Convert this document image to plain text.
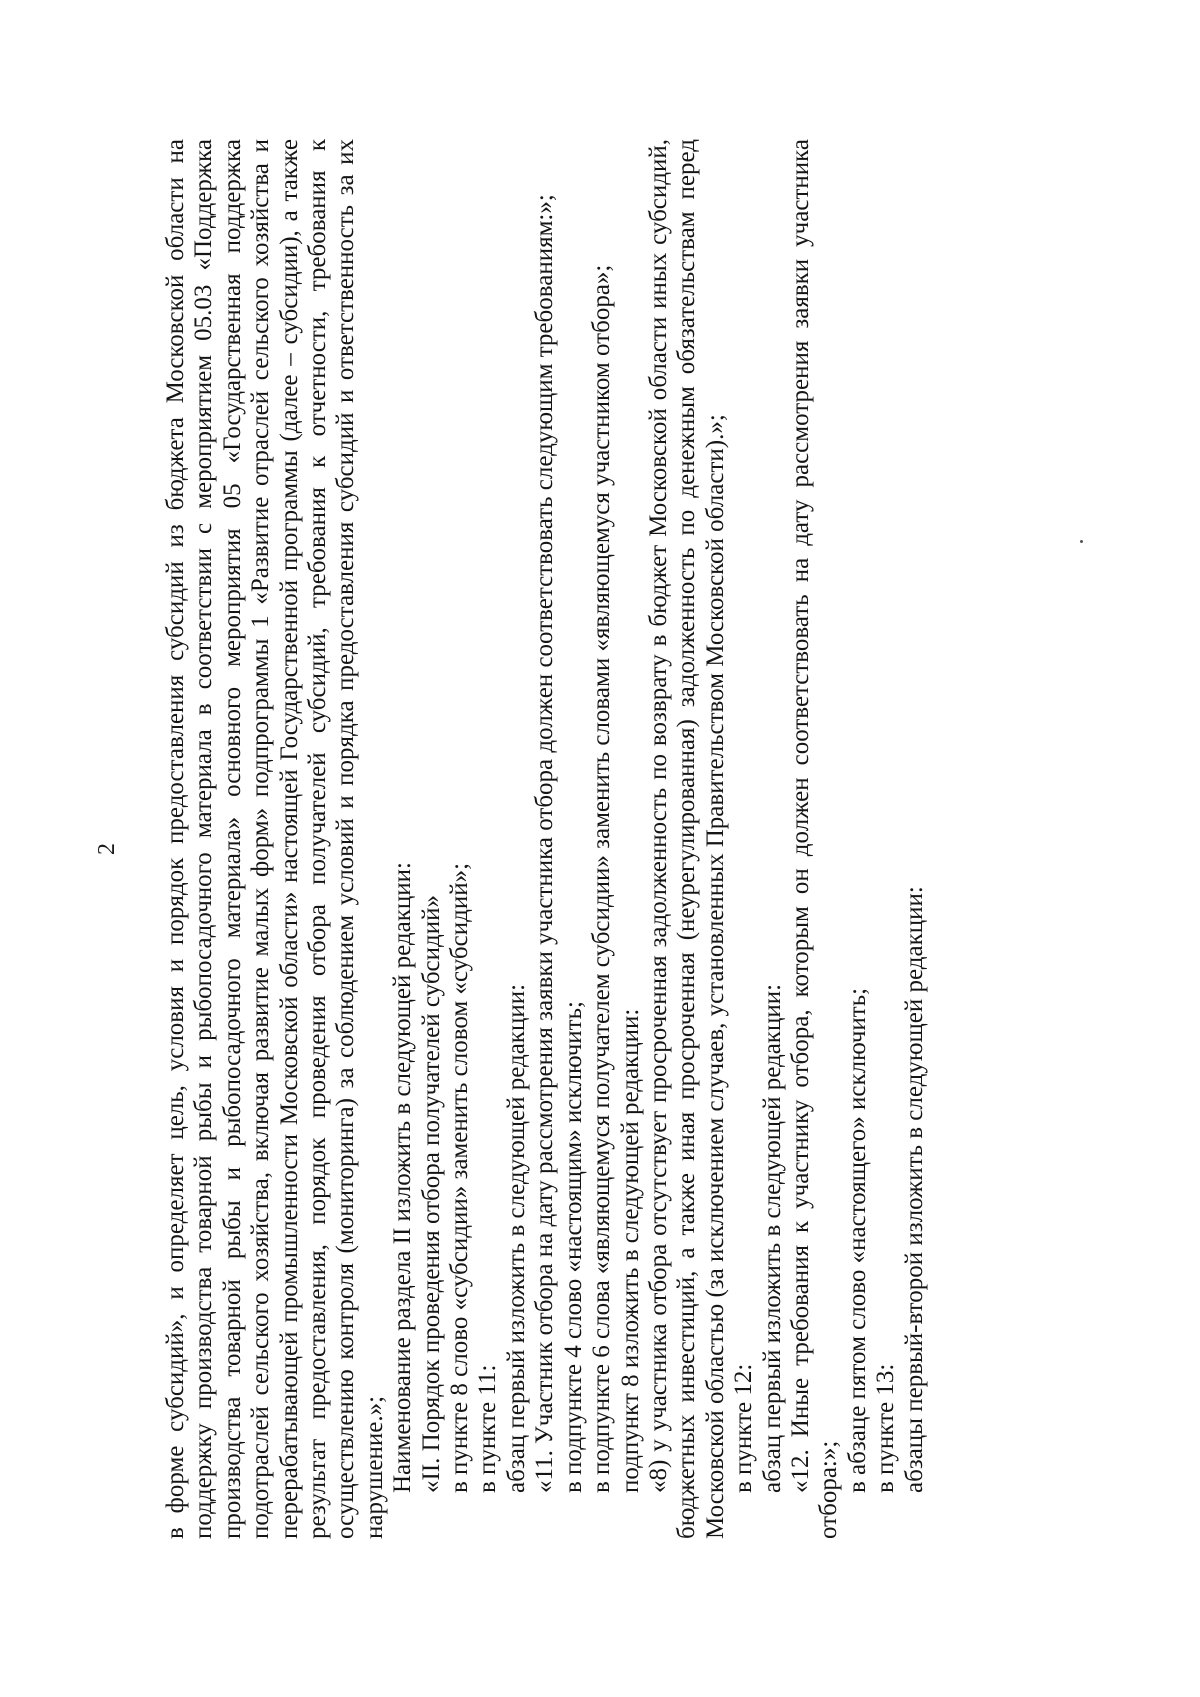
2 в форме субсидий», и определяет цель, условия и порядок предоставления субсидий из бюджета Московской области на поддержку производства товарной рыбы и рыбопосадочного материала в соответствии с мероприятием 05.03 «Поддержка производства товарной рыбы и рыбопосадочного материала» основного мероприятия 05 «Государственная поддержка подотраслей сельского хозяйства, включая развитие малых форм» подпрограммы 1 «Развитие отраслей сельского хозяйства и перерабатывающей промышленности Московской области» настоящей Государственной программы (далее – субсидии), а также результат предоставления, порядок проведения отбора получателей субсидий, требования к отчетности, требования к осуществлению контроля (мониторинга) за соблюдением условий и порядка предоставления субсидий и ответственность за их нарушение.»; Наименование раздела II изложить в следующей редакции: «II. Порядок проведения отбора получателей субсидий» в пункте 8 слово «субсидии» заменить словом «субсидий»; в пункте 11: абзац первый изложить в следующей редакции: «11. Участник отбора на дату рассмотрения заявки участника отбора должен соответствовать следующим требованиям:»; в подпункте 4 слово «настоящим» исключить; в подпункте 6 слова «являющемуся получателем субсидии» заменить словами «являющемуся участником отбора»; подпункт 8 изложить в следующей редакции: «8) у участника отбора отсутствует просроченная задолженность по возврату в бюджет Московской области иных субсидий, бюджетных инвестиций, а также иная просроченная (неурегулированная) задолженность по денежным обязательствам перед Московской областью (за исключением случаев, установленных Правительством Московской области).»; в пункте 12: абзац первый изложить в следующей редакции: «12. Иные требования к участнику отбора, которым он должен соответствовать на дату рассмотрения заявки участника отбора:»; в абзаце пятом слово «настоящего» исключить; в пункте 13: абзацы первый-второй изложить в следующей редакции:
